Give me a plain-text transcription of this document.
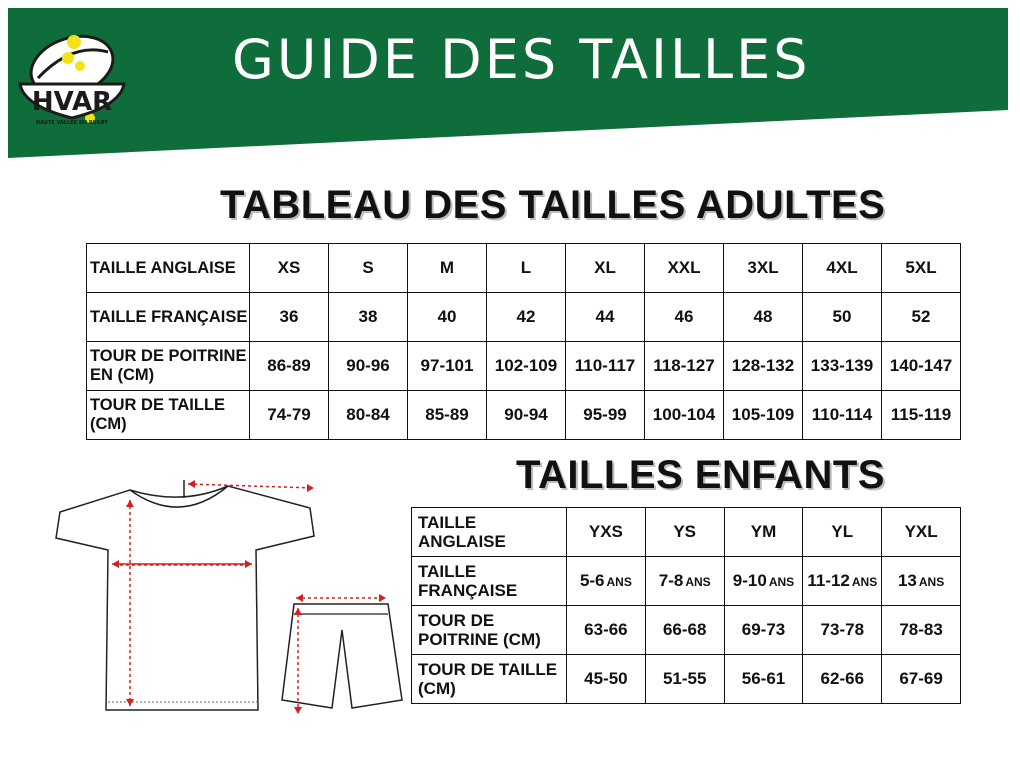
HVAR
HAUTE VALLEE DU RUGBY
GUIDE DES TAILLES
TABLEAU DES TAILLES ADULTES
TAILLE ANGLAISE	XS	S	M	L	XL	XXL	3XL	4XL	5XL
TAILLE FRANÇAISE	36	38	40	42	44	46	48	50	52
TOUR DE POITRINE EN (CM)	86-89	90-96	97-101	102-109	110-117	118-127	128-132	133-139	140-147
TOUR DE TAILLE (CM)	74-79	80-84	85-89	90-94	95-99	100-104	105-109	110-114	115-119
TAILLES ENFANTS
TAILLE ANGLAISE	YXS	YS	YM	YL	YXL
TAILLE FRANÇAISE	5-6 ANS	7-8 ANS	9-10 ANS	11-12 ANS	13 ANS
TOUR DE POITRINE (CM)	63-66	66-68	69-73	73-78	78-83
TOUR DE TAILLE (CM)	45-50	51-55	56-61	62-66	67-69
